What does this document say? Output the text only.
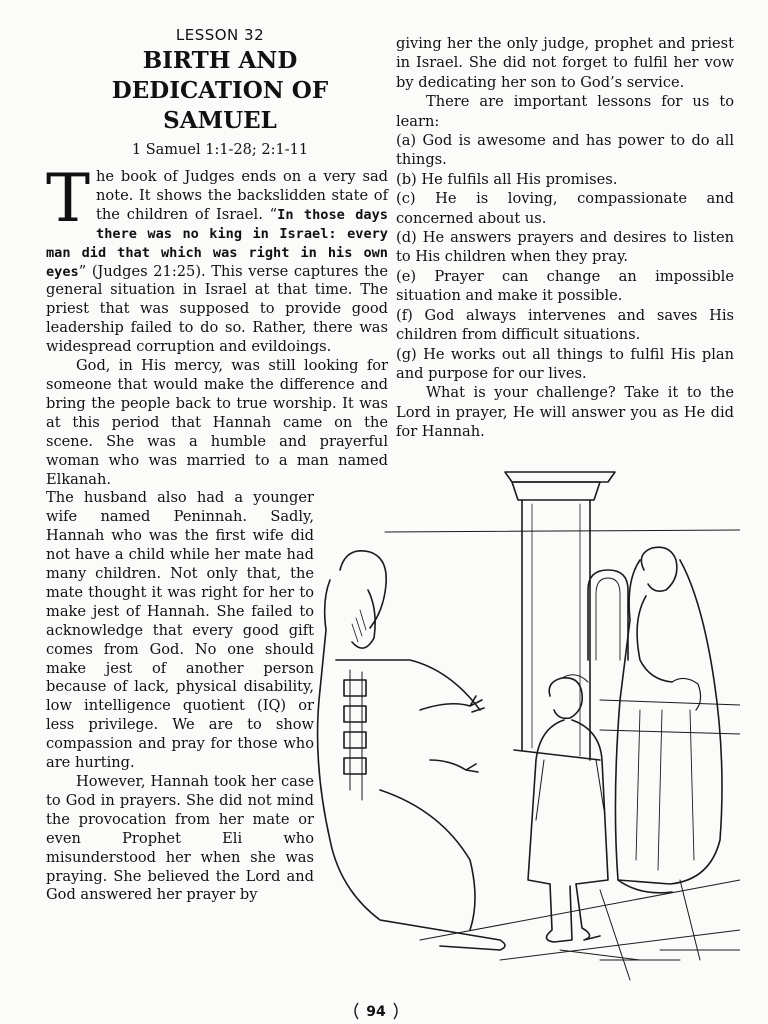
LESSON 32
BIRTH AND
DEDICATION OF
SAMUEL
1 Samuel 1:1-28; 2:1-11

The book of Judges ends on a very sad note. It shows the backslidden state of the children of Israel. “In those days there was no king in Israel: every man did that which was right in his own eyes” (Judges 21:25). This verse captures the general situation in Israel at that time. The priest that was supposed to provide good leadership failed to do so. Rather, there was widespread corruption and evildoings.

God, in His mercy, was still looking for someone that would make the difference and bring the people back to true worship. It was at this period that Hannah came on the scene. She was a humble and prayerful woman who was married to a man named Elkanah.

The husband also had a younger wife named Peninnah. Sadly, Hannah who was the first wife did not have a child while her mate had many children. Not only that, the mate thought it was right for her to make jest of Hannah. She failed to acknowledge that every good gift comes from God. No one should make jest of another person because of lack, physical disability, low intelligence quotient (IQ) or less privilege. We are to show compassion and pray for those who are hurting.

However, Hannah took her case to God in prayers. She did not mind the provocation from her mate or even Prophet Eli who misunderstood her when she was praying. She believed the Lord and God answered her prayer by

giving her the only judge, prophet and priest in Israel. She did not forget to fulfil her vow by dedicating her son to God’s service.

There are important lessons for us to learn:

(a) God is awesome and has power to do all things.

(b) He fulfils all His promises.

(c) He is loving, compassionate and concerned about us.

(d) He answers prayers and desires to listen to His children when they pray.

(e) Prayer can change an impossible situation and make it possible.

(f) God always intervenes and saves His children from difficult situations.

(g) He works out all things to fulfil His plan and purpose for our lives.

What is your challenge? Take it to the Lord in prayer, He will answer you as He did for Hannah.

94
